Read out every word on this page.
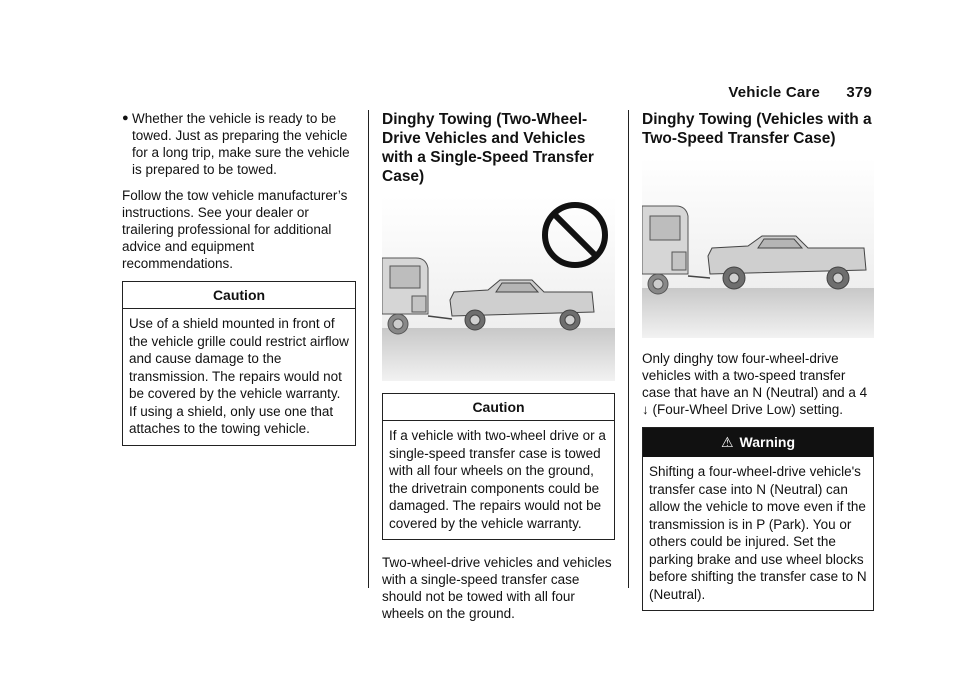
Vehicle Care 379
● Whether the vehicle is ready to be towed. Just as preparing the vehicle for a long trip, make sure the vehicle is prepared to be towed.

Follow the tow vehicle manufacturer’s instructions. See your dealer or trailering professional for additional advice and equipment recommendations.

Caution
Use of a shield mounted in front of the vehicle grille could restrict airflow and cause damage to the transmission. The repairs would not be covered by the vehicle warranty. If using a shield, only use one that attaches to the towing vehicle.
Dinghy Towing (Two-Wheel-Drive Vehicles and Vehicles with a Single-Speed Transfer Case)
Caution
If a vehicle with two-wheel drive or a single-speed transfer case is towed with all four wheels on the ground, the drivetrain components could be damaged. The repairs would not be covered by the vehicle warranty.

Two-wheel-drive vehicles and vehicles with a single-speed transfer case should not be towed with all four wheels on the ground.

Dinghy Towing (Vehicles with a Two-Speed Transfer Case)

Only dinghy tow four-wheel-drive vehicles with a two-speed transfer case that have an N (Neutral) and a 4 ↓ (Four-Wheel Drive Low) setting.

⚠ Warning
Shifting a four-wheel-drive vehicle's transfer case into N (Neutral) can allow the vehicle to move even if the transmission is in P (Park). You or others could be injured. Set the parking brake and use wheel blocks before shifting the transfer case to N (Neutral).
